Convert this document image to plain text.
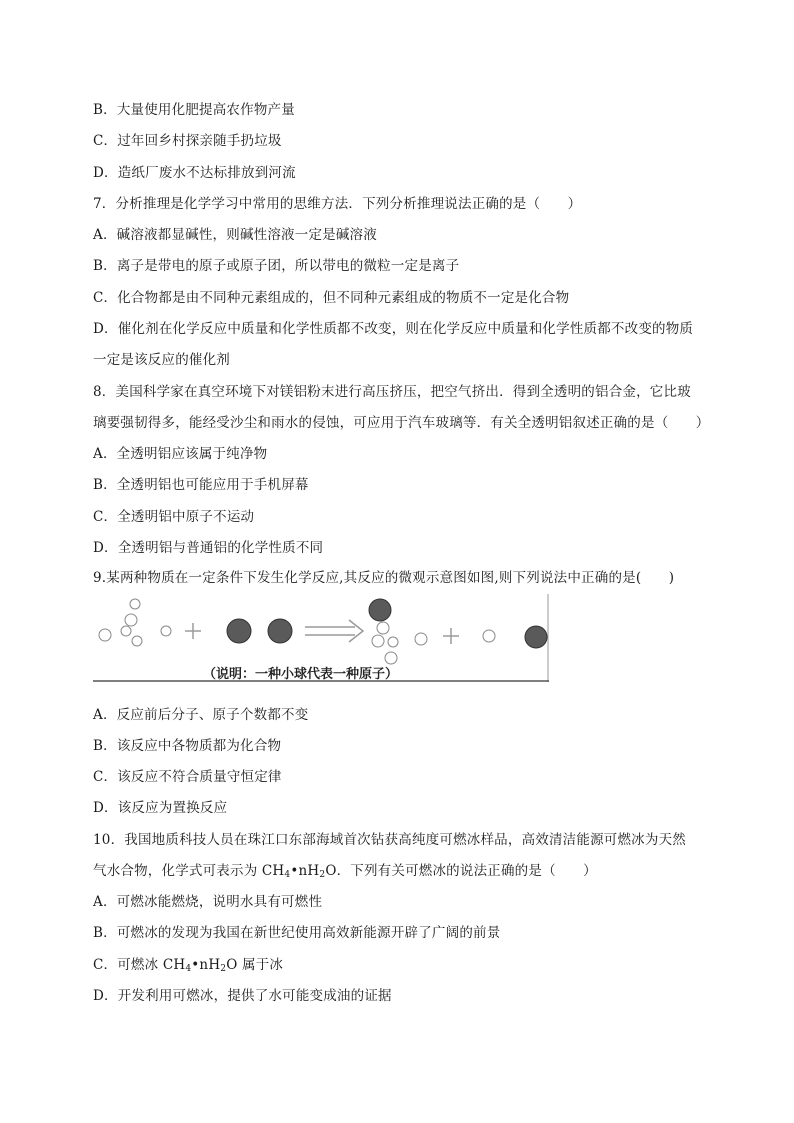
B．大量使用化肥提高农作物产量
C．过年回乡村探亲随手扔垃圾
D．造纸厂废水不达标排放到河流
7．分析推理是化学学习中常用的思维方法．下列分析推理说法正确的是（　　）
A．碱溶液都显碱性，则碱性溶液一定是碱溶液
B．离子是带电的原子或原子团，所以带电的微粒一定是离子
C．化合物都是由不同种元素组成的，但不同种元素组成的物质不一定是化合物
D．催化剂在化学反应中质量和化学性质都不改变，则在化学反应中质量和化学性质都不改变的物质
一定是该反应的催化剂
8．美国科学家在真空环境下对镁铝粉末进行高压挤压，把空气挤出．得到全透明的铝合金，它比玻
璃要强韧得多，能经受沙尘和雨水的侵蚀，可应用于汽车玻璃等．有关全透明铝叙述正确的是（　　）
A．全透明铝应该属于纯净物
B．全透明铝也可能应用于手机屏幕
C．全透明铝中原子不运动
D．全透明铝与普通铝的化学性质不同
9.某两种物质在一定条件下发生化学反应,其反应的微观示意图如图,则下列说法中正确的是(　　)
（说明：一种小球代表一种原子）
A．反应前后分子、原子个数都不变
B．该反应中各物质都为化合物
C．该反应不符合质量守恒定律
D．该反应为置换反应
10．我国地质科技人员在珠江口东部海域首次钻获高纯度可燃冰样品，高效清洁能源可燃冰为天然
气水合物，化学式可表示为 $CH_4•nH_2O$．下列有关可燃冰的说法正确的是（　　）
A．可燃冰能燃烧，说明水具有可燃性
B．可燃冰的发现为我国在新世纪使用高效新能源开辟了广阔的前景
C．可燃冰 $CH_4•nH_2O$ 属于冰
D．开发利用可燃冰，提供了水可能变成油的证据
